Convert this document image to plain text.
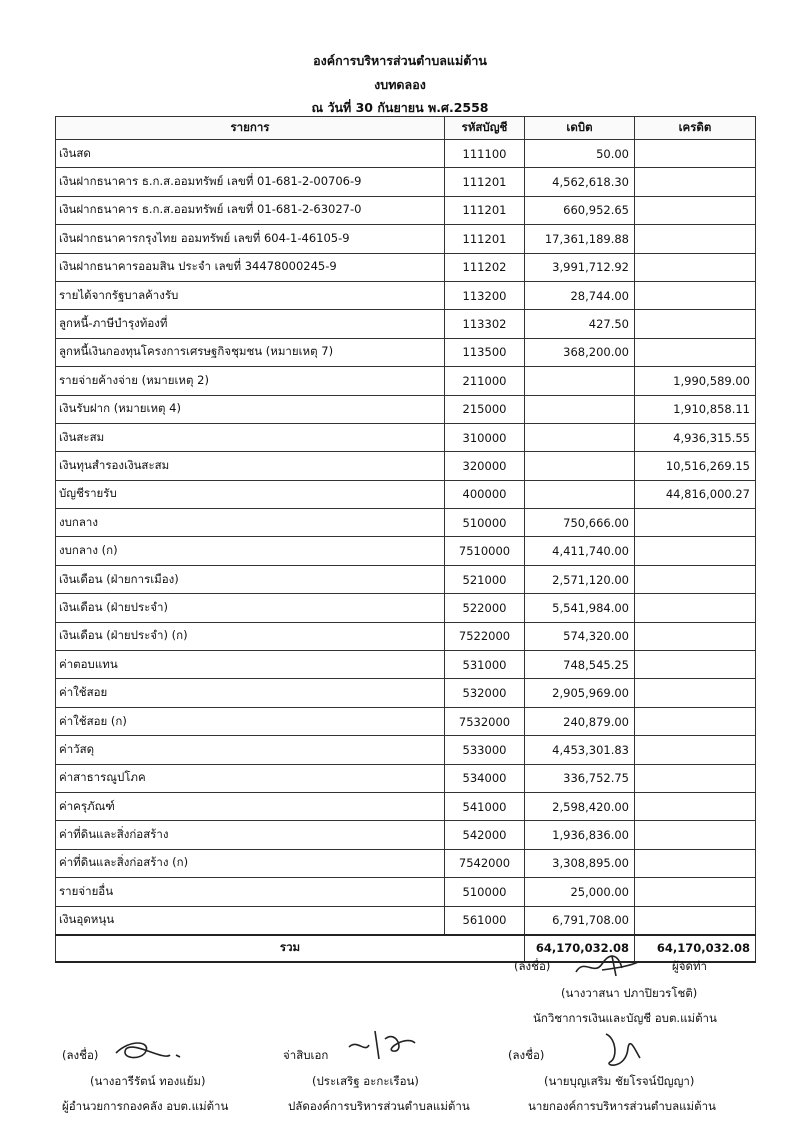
องค์การบริหารส่วนตำบลแม่ต้าน
งบทดลอง
ณ วันที่ 30 กันยายน พ.ศ.2558
รายการ	รหัสบัญชี	เดบิต	เครดิต
เงินสด	111100	50.00	
เงินฝากธนาคาร ธ.ก.ส.ออมทรัพย์ เลขที่ 01-681-2-00706-9	111201	4,562,618.30	
เงินฝากธนาคาร ธ.ก.ส.ออมทรัพย์ เลขที่ 01-681-2-63027-0	111201	660,952.65	
เงินฝากธนาคารกรุงไทย ออมทรัพย์ เลขที่ 604-1-46105-9	111201	17,361,189.88	
เงินฝากธนาคารออมสิน ประจำ เลขที่ 34478000245-9	111202	3,991,712.92	
รายได้จากรัฐบาลค้างรับ	113200	28,744.00	
ลูกหนี้-ภาษีบำรุงท้องที่	113302	427.50	
ลูกหนี้เงินกองทุนโครงการเศรษฐกิจชุมชน (หมายเหตุ 7)	113500	368,200.00	
รายจ่ายค้างจ่าย (หมายเหตุ 2)	211000		1,990,589.00
เงินรับฝาก (หมายเหตุ 4)	215000		1,910,858.11
เงินสะสม	310000		4,936,315.55
เงินทุนสำรองเงินสะสม	320000		10,516,269.15
บัญชีรายรับ	400000		44,816,000.27
งบกลาง	510000	750,666.00	
งบกลาง (ก)	7510000	4,411,740.00	
เงินเดือน (ฝ่ายการเมือง)	521000	2,571,120.00	
เงินเดือน (ฝ่ายประจำ)	522000	5,541,984.00	
เงินเดือน (ฝ่ายประจำ) (ก)	7522000	574,320.00	
ค่าตอบแทน	531000	748,545.25	
ค่าใช้สอย	532000	2,905,969.00	
ค่าใช้สอย (ก)	7532000	240,879.00	
ค่าวัสดุ	533000	4,453,301.83	
ค่าสาธารณูปโภค	534000	336,752.75	
ค่าครุภัณฑ์	541000	2,598,420.00	
ค่าที่ดินและสิ่งก่อสร้าง	542000	1,936,836.00	
ค่าที่ดินและสิ่งก่อสร้าง (ก)	7542000	3,308,895.00	
รายจ่ายอื่น	510000	25,000.00	
เงินอุดหนุน	561000	6,791,708.00	
รวม		64,170,032.08	64,170,032.08
(ลงชื่อ)	ผู้จัดทำ
(นางวาสนา ปภาปิยวรโชติ)
นักวิชาการเงินและบัญชี อบต.แม่ต้าน
(ลงชื่อ)
(นางอารีรัตน์ ทองแย้ม)
ผู้อำนวยการกองคลัง อบต.แม่ต้าน
จ่าสิบเอก
(ประเสริฐ อะกะเรือน)
ปลัดองค์การบริหารส่วนตำบลแม่ต้าน
(ลงชื่อ)
(นายบุญเสริม ชัยโรจน์ปัญญา)
นายกองค์การบริหารส่วนตำบลแม่ต้าน
